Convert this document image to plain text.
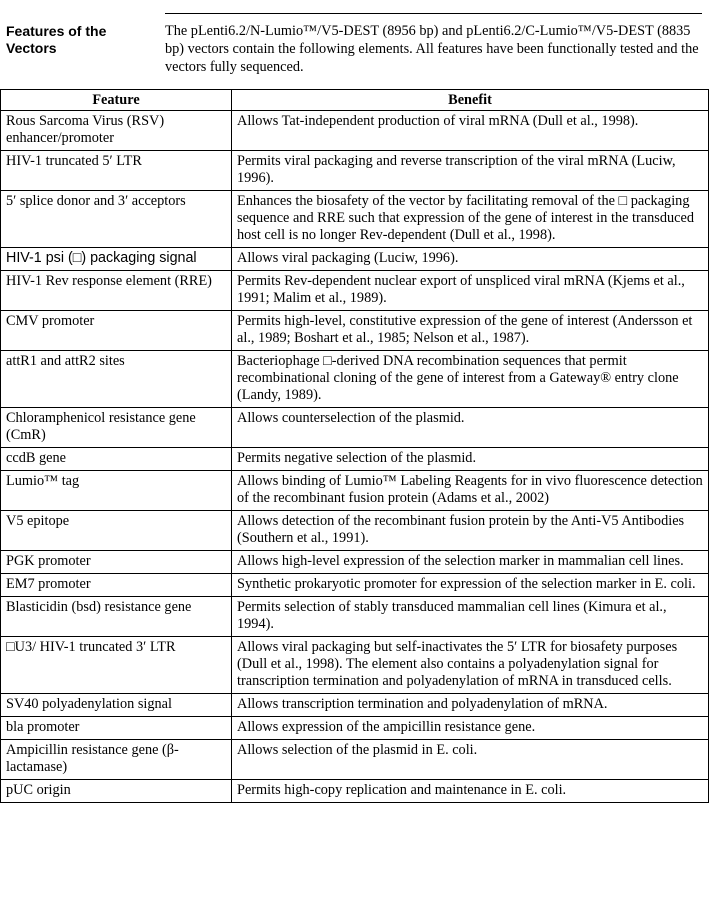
Features of the Vectors

The pLenti6.2/N-Lumio™/V5-DEST (8956 bp) and pLenti6.2/C-Lumio™/V5-DEST (8835 bp) vectors contain the following elements. All features have been functionally tested and the vectors fully sequenced.

Feature	Benefit
Rous Sarcoma Virus (RSV) enhancer/promoter	Allows Tat-independent production of viral mRNA (Dull et al., 1998).
HIV-1 truncated 5′ LTR	Permits viral packaging and reverse transcription of the viral mRNA (Luciw, 1996).
5′ splice donor and 3′ acceptors	Enhances the biosafety of the vector by facilitating removal of the □ packaging sequence and RRE such that expression of the gene of interest in the transduced host cell is no longer Rev-dependent (Dull et al., 1998).
HIV-1 psi (□) packaging signal	Allows viral packaging (Luciw, 1996).
HIV-1 Rev response element (RRE)	Permits Rev-dependent nuclear export of unspliced viral mRNA (Kjems et al., 1991; Malim et al., 1989).
CMV promoter	Permits high-level, constitutive expression of the gene of interest (Andersson et al., 1989; Boshart et al., 1985; Nelson et al., 1987).
attR1 and attR2 sites	Bacteriophage □-derived DNA recombination sequences that permit recombinational cloning of the gene of interest from a Gateway® entry clone (Landy, 1989).
Chloramphenicol resistance gene (CmR)	Allows counterselection of the plasmid.
ccdB gene	Permits negative selection of the plasmid.
Lumio™ tag	Allows binding of Lumio™ Labeling Reagents for in vivo fluorescence detection of the recombinant fusion protein (Adams et al., 2002)
V5 epitope	Allows detection of the recombinant fusion protein by the Anti-V5 Antibodies (Southern et al., 1991).
PGK promoter	Allows high-level expression of the selection marker in mammalian cell lines.
EM7 promoter	Synthetic prokaryotic promoter for expression of the selection marker in E. coli.
Blasticidin (bsd) resistance gene	Permits selection of stably transduced mammalian cell lines (Kimura et al., 1994).
□U3/ HIV-1 truncated 3′ LTR	Allows viral packaging but self-inactivates the 5′ LTR for biosafety purposes (Dull et al., 1998). The element also contains a polyadenylation signal for transcription termination and polyadenylation of mRNA in transduced cells.
SV40 polyadenylation signal	Allows transcription termination and polyadenylation of mRNA.
bla promoter	Allows expression of the ampicillin resistance gene.
Ampicillin resistance gene (β-lactamase)	Allows selection of the plasmid in E. coli.
pUC origin	Permits high-copy replication and maintenance in E. coli.
